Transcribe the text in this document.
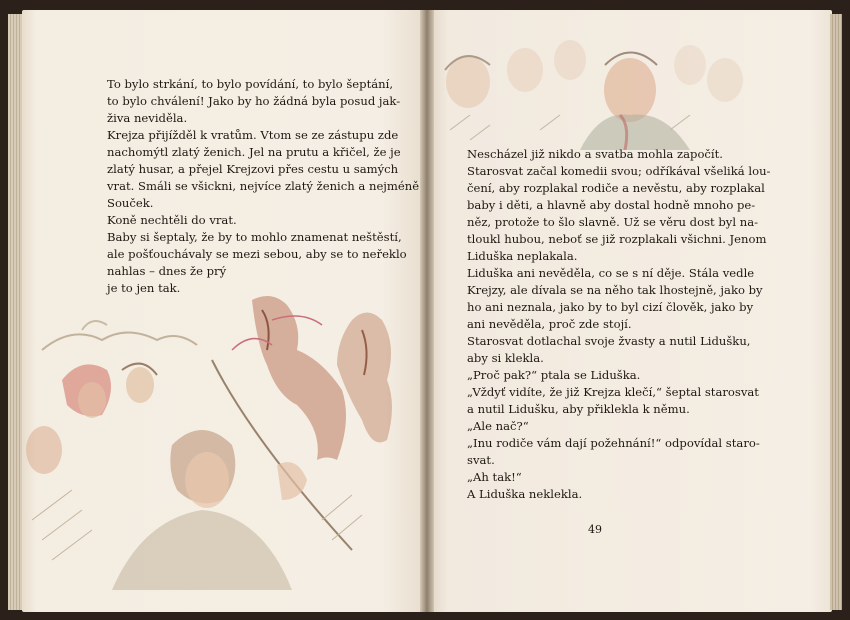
To bylo strkání, to bylo povídání, to bylo šeptání,
to bylo chválení! Jako by ho žádná byla posud jak-
živa neviděla.
Krejza přijížděl k vratům. Vtom se ze zástupu zde
nachomýtl zlatý ženich. Jel na prutu a křičel, že je
zlatý husar, a přejel Krejzovi přes cestu u samých
vrat. Smáli se všickni, nejvíce zlatý ženich a nejméně
Souček.
Koně nechtěli do vrat.
Baby si šeptaly, že by to mohlo znamenat neštěstí,
ale pošťouchávaly se mezi sebou, aby se to neřeklo
nahlas – dnes že prý
je to jen tak.
Nescházel již nikdo a svatba mohla započít.
Starosvat začal komedii svou; odříkával všeliká lou-
čení, aby rozplakal rodiče a nevěstu, aby rozplakal
baby i děti, a hlavně aby dostal hodně mnoho pe-
něz, protože to šlo slavně. Už se věru dost byl na-
tloukl hubou, neboť se již rozplakali všichni. Jenom
Liduška neplakala.
Liduška ani nevěděla, co se s ní děje. Stála vedle
Krejzy, ale dívala se na něho tak lhostejně, jako by
ho ani neznala, jako by to byl cizí člověk, jako by
ani nevěděla, proč zde stojí.
Starosvat dotlachal svoje žvasty a nutil Lidušku,
aby si klekla.
„Proč pak?“ ptala se Liduška.
„Vždyť vidíte, že již Krejza klečí,“ šeptal starosvat
a nutil Lidušku, aby přiklekla k němu.
„Ale nač?“
„Inu rodiče vám dají požehnání!“ odpovídal staro-
svat.
„Ah tak!“
A Liduška neklekla.
49
